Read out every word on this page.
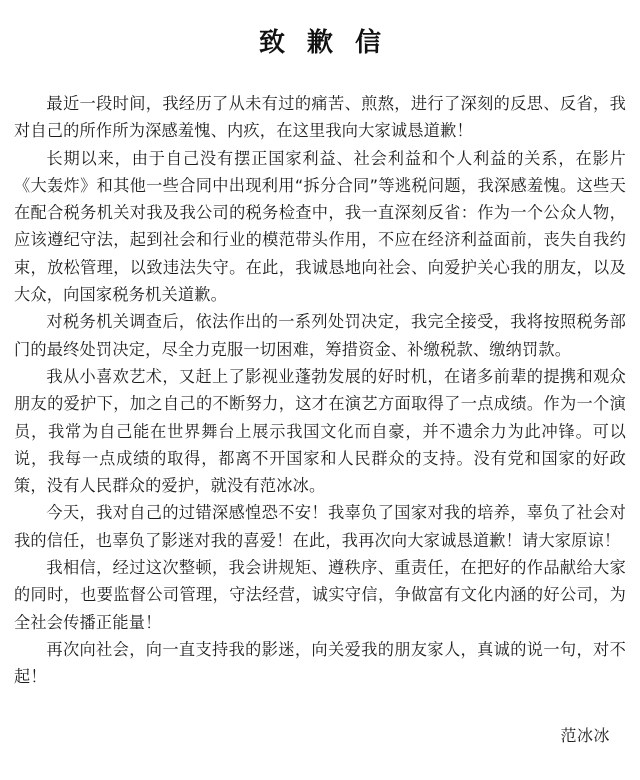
致歉信

最近一段时间，我经历了从未有过的痛苦、煎熬，进行了深刻的反思、反省，我对自己的所作所为深感羞愧、内疚，在这里我向大家诚恳道歉！

长期以来，由于自己没有摆正国家利益、社会利益和个人利益的关系，在影片《大轰炸》和其他一些合同中出现利用“拆分合同”等逃税问题，我深感羞愧。这些天在配合税务机关对我及我公司的税务检查中，我一直深刻反省：作为一个公众人物，应该遵纪守法，起到社会和行业的模范带头作用，不应在经济利益面前，丧失自我约束，放松管理，以致违法失守。在此，我诚恳地向社会、向爱护关心我的朋友，以及大众，向国家税务机关道歉。

对税务机关调查后，依法作出的一系列处罚决定，我完全接受，我将按照税务部门的最终处罚决定，尽全力克服一切困难，筹措资金、补缴税款、缴纳罚款。

我从小喜欢艺术，又赶上了影视业蓬勃发展的好时机，在诸多前辈的提携和观众朋友的爱护下，加之自己的不断努力，这才在演艺方面取得了一点成绩。作为一个演员，我常为自己能在世界舞台上展示我国文化而自豪，并不遗余力为此冲锋。可以说，我每一点成绩的取得，都离不开国家和人民群众的支持。没有党和国家的好政策，没有人民群众的爱护，就没有范冰冰。

今天，我对自己的过错深感惶恐不安！我辜负了国家对我的培养，辜负了社会对我的信任，也辜负了影迷对我的喜爱！在此，我再次向大家诚恳道歉！请大家原谅！

我相信，经过这次整顿，我会讲规矩、遵秩序、重责任，在把好的作品献给大家的同时，也要监督公司管理，守法经营，诚实守信，争做富有文化内涵的好公司，为全社会传播正能量！

再次向社会，向一直支持我的影迷，向关爱我的朋友家人，真诚的说一句，对不起！

范冰冰
